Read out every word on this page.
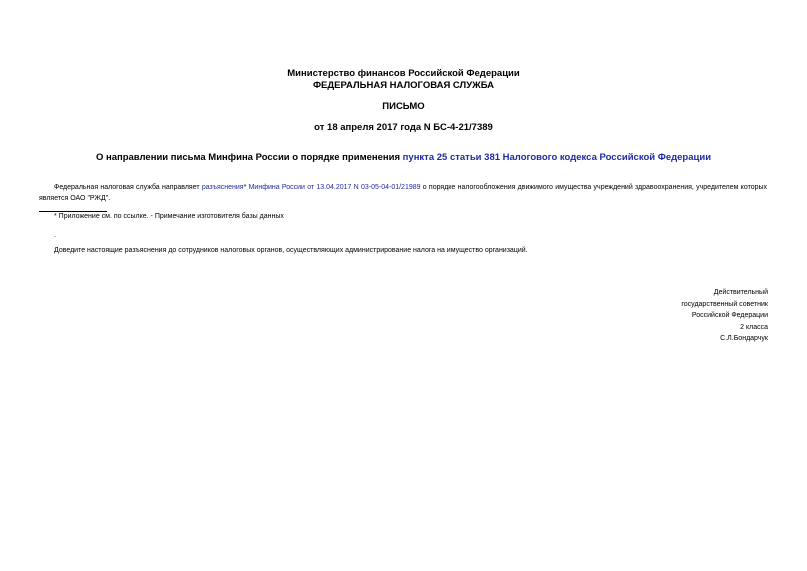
Министерство финансов Российской Федерации
ФЕДЕРАЛЬНАЯ НАЛОГОВАЯ СЛУЖБА
ПИСЬМО
от 18 апреля 2017 года N БС-4-21/7389
О направлении письма Минфина России о порядке применения пункта 25 статьи 381 Налогового кодекса Российской Федерации
Федеральная налоговая служба направляет разъяснения* Минфина России от 13.04.2017 N 03-05-04-01/21989 о порядке налогообложения движимого имущества учреждений здравоохранения, учредителем которых является ОАО "РЖД".
* Приложение см. по ссылке. - Примечание изготовителя базы данных
.
Доведите настоящие разъяснения до сотрудников налоговых органов, осуществляющих администрирование налога на имущество организаций.
Действительный
государственный советник
Российской Федерации
2 класса
С.Л.Бондарчук
